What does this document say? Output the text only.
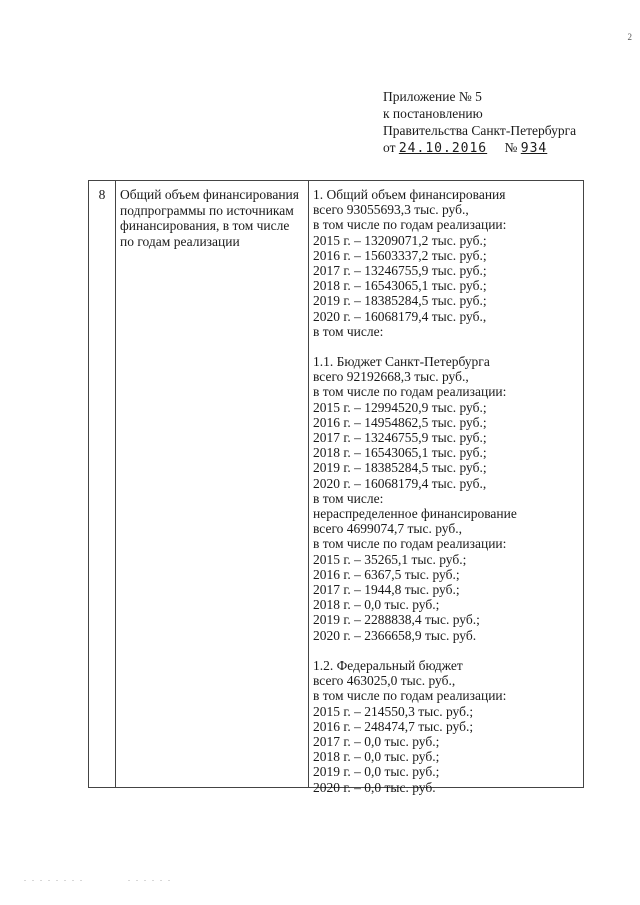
2
Приложение № 5
к постановлению
Правительства Санкт-Петербурга
от 24.10.2016 № 934
8	Общий объем финансирования подпрограммы по источникам финансирования, в том числе по годам реализации
1. Общий объем финансирования
всего 93055693,3 тыс. руб.,
в том числе по годам реализации:
2015 г. – 13209071,2 тыс. руб.;
2016 г. – 15603337,2 тыс. руб.;
2017 г. – 13246755,9 тыс. руб.;
2018 г. – 16543065,1 тыс. руб.;
2019 г. – 18385284,5 тыс. руб.;
2020 г. – 16068179,4 тыс. руб.,
в том числе:
1.1. Бюджет Санкт-Петербурга
всего 92192668,3 тыс. руб.,
в том числе по годам реализации:
2015 г. – 12994520,9 тыс. руб.;
2016 г. – 14954862,5 тыс. руб.;
2017 г. – 13246755,9 тыс. руб.;
2018 г. – 16543065,1 тыс. руб.;
2019 г. – 18385284,5 тыс. руб.;
2020 г. – 16068179,4 тыс. руб.,
в том числе:
нераспределенное финансирование
всего 4699074,7 тыс. руб.,
в том числе по годам реализации:
2015 г. – 35265,1 тыс. руб.;
2016 г. – 6367,5 тыс. руб.;
2017 г. – 1944,8 тыс. руб.;
2018 г. – 0,0 тыс. руб.;
2019 г. – 2288838,4 тыс. руб.;
2020 г. – 2366658,9 тыс. руб.
1.2. Федеральный бюджет
всего 463025,0 тыс. руб.,
в том числе по годам реализации:
2015 г. – 214550,3 тыс. руб.;
2016 г. – 248474,7 тыс. руб.;
2017 г. – 0,0 тыс. руб.;
2018 г. – 0,0 тыс. руб.;
2019 г. – 0,0 тыс. руб.;
2020 г. – 0,0 тыс. руб.
. . . . . . . .	. . . . . .
